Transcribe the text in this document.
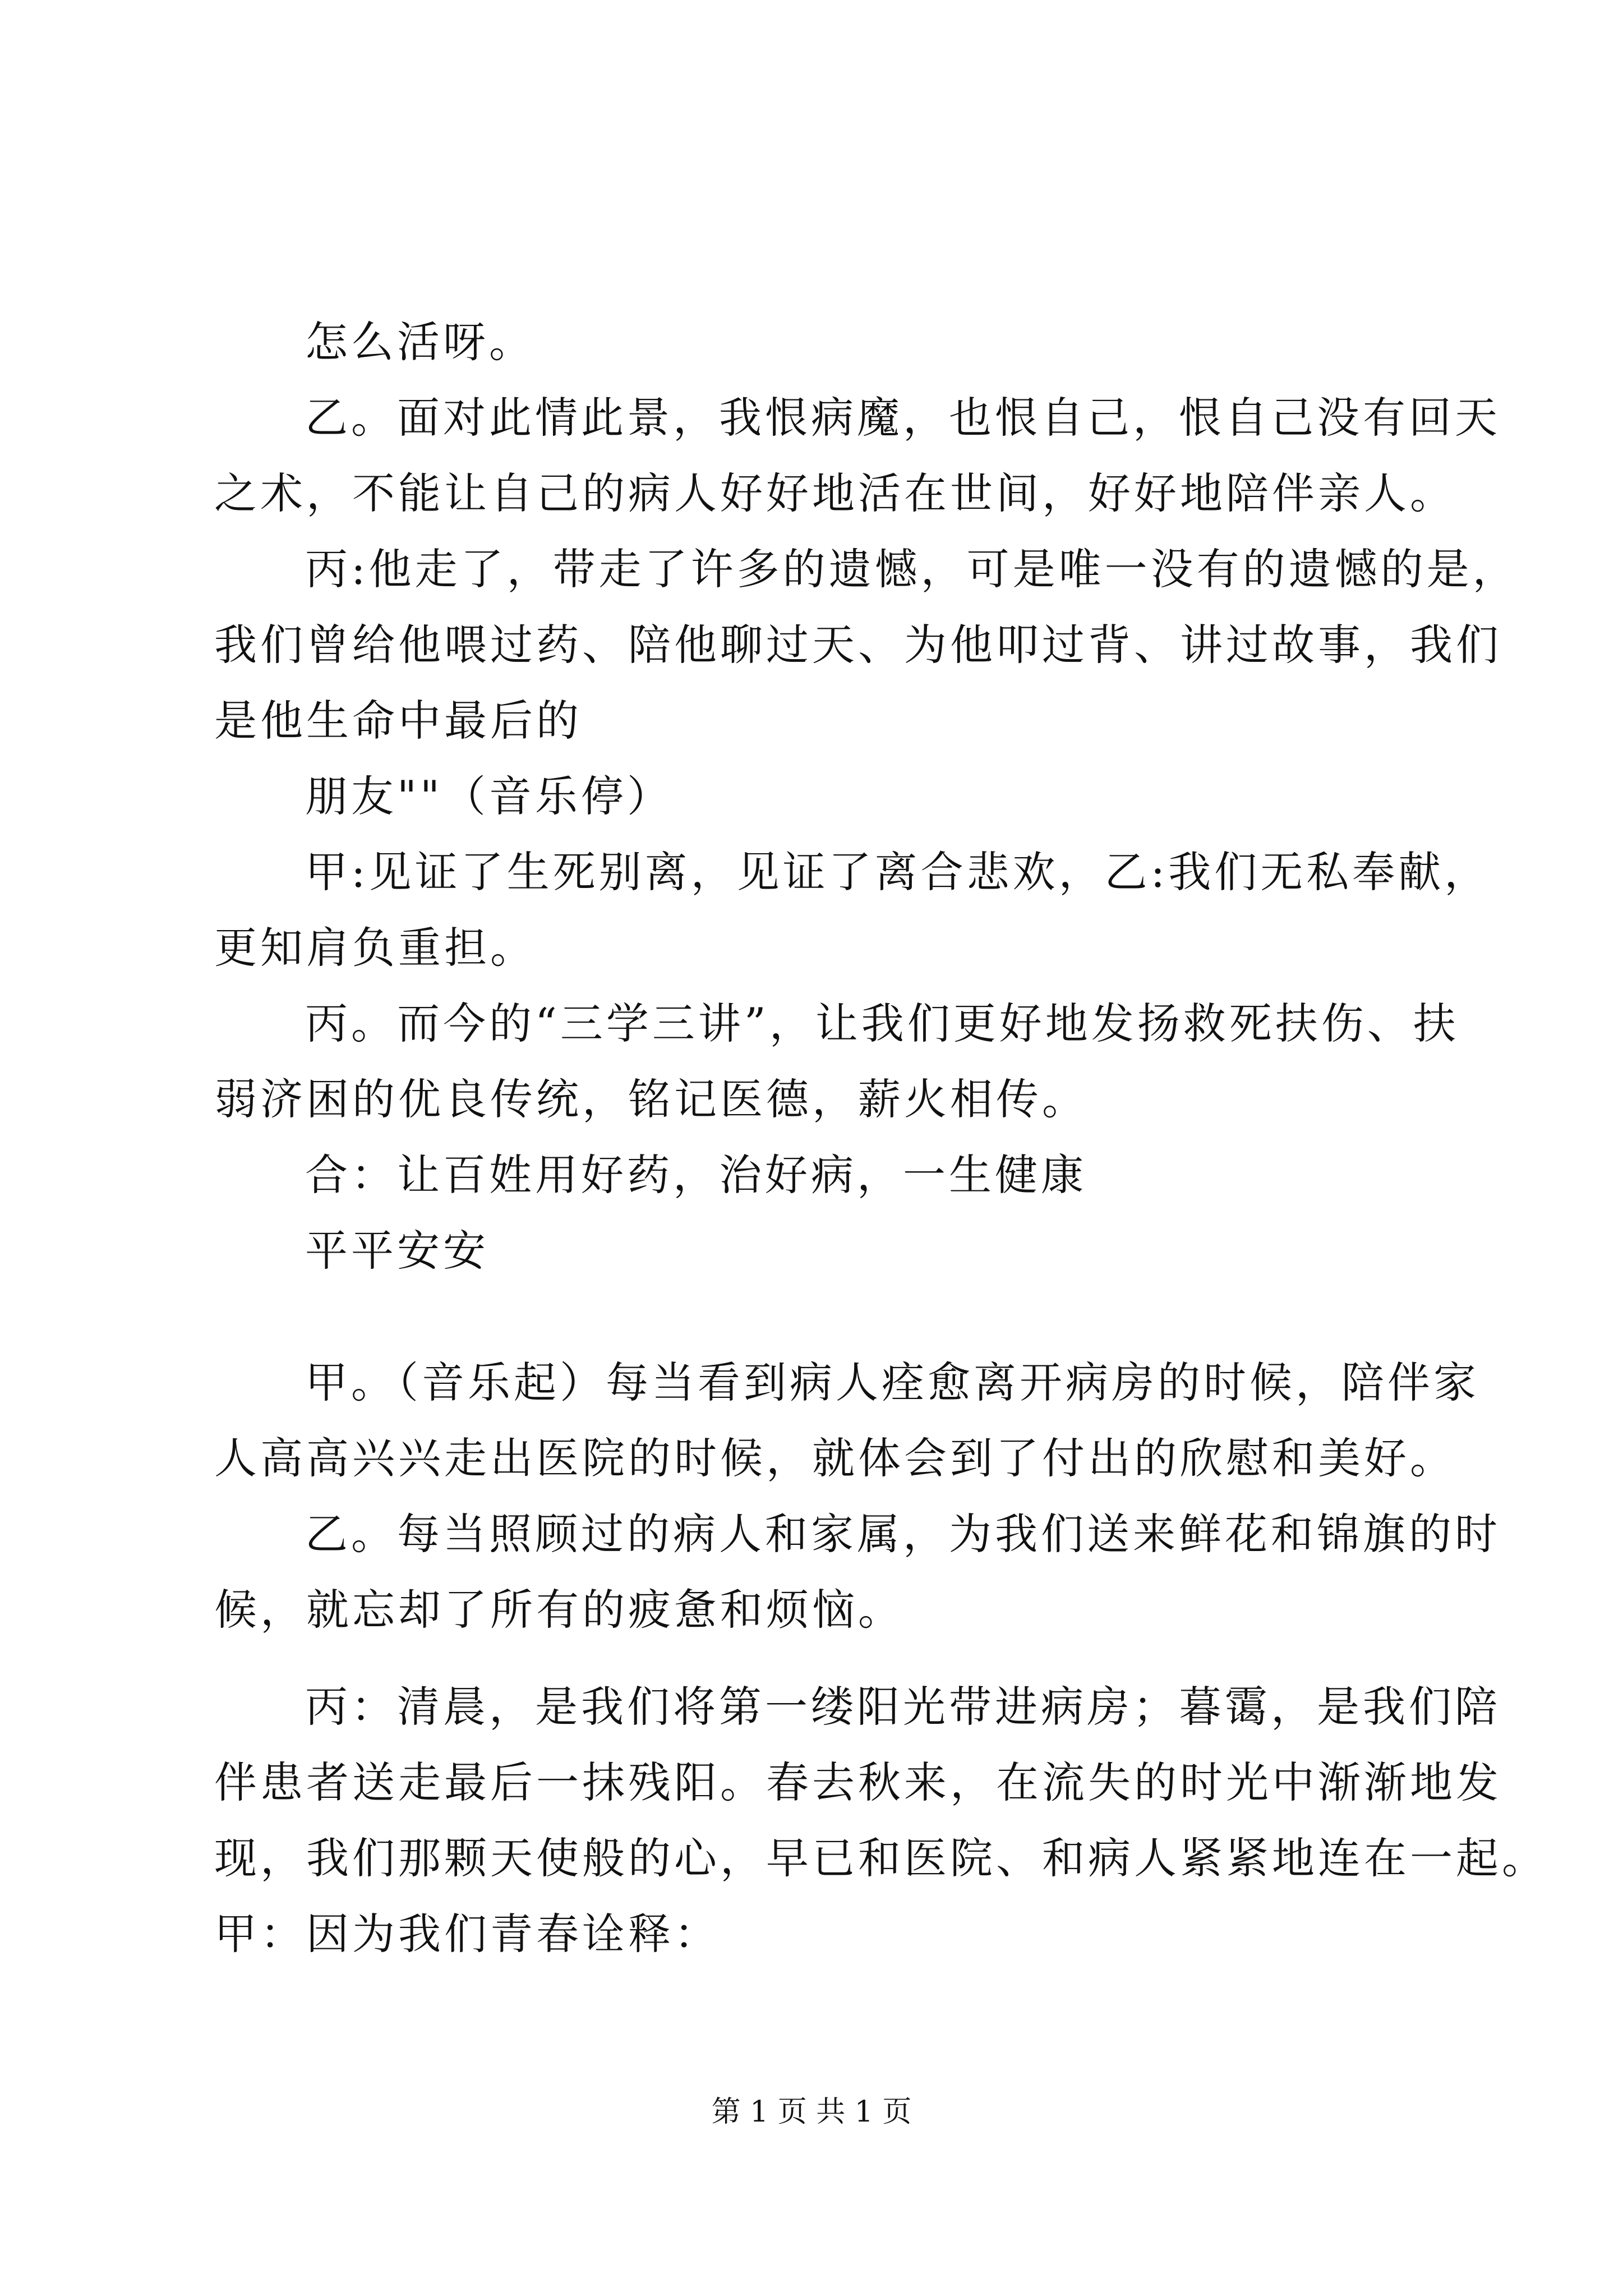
怎么活呀。
乙。面对此情此景，我恨病魔，也恨自己，恨自己没有回天
之术，不能让自己的病人好好地活在世间，好好地陪伴亲人。
丙:他走了，带走了许多的遗憾，可是唯一没有的遗憾的是，
我们曾给他喂过药、陪他聊过天、为他叩过背、讲过故事，我们
是他生命中最后的
朋友""（音乐停）
甲:见证了生死别离，见证了离合悲欢，乙:我们无私奉献，
更知肩负重担。
丙。而今的“三学三讲”，让我们更好地发扬救死扶伤、扶
弱济困的优良传统，铭记医德，薪火相传。
合：让百姓用好药，治好病，一生健康
平平安安
甲。（音乐起）每当看到病人痊愈离开病房的时候，陪伴家
人高高兴兴走出医院的时候，就体会到了付出的欣慰和美好。
乙。每当照顾过的病人和家属，为我们送来鲜花和锦旗的时
候，就忘却了所有的疲惫和烦恼。
丙：清晨，是我们将第一缕阳光带进病房；暮霭，是我们陪
伴患者送走最后一抹残阳。春去秋来，在流失的时光中渐渐地发
现，我们那颗天使般的心，早已和医院、和病人紧紧地连在一起。
甲：因为我们青春诠释：
第 1 页 共 1 页
